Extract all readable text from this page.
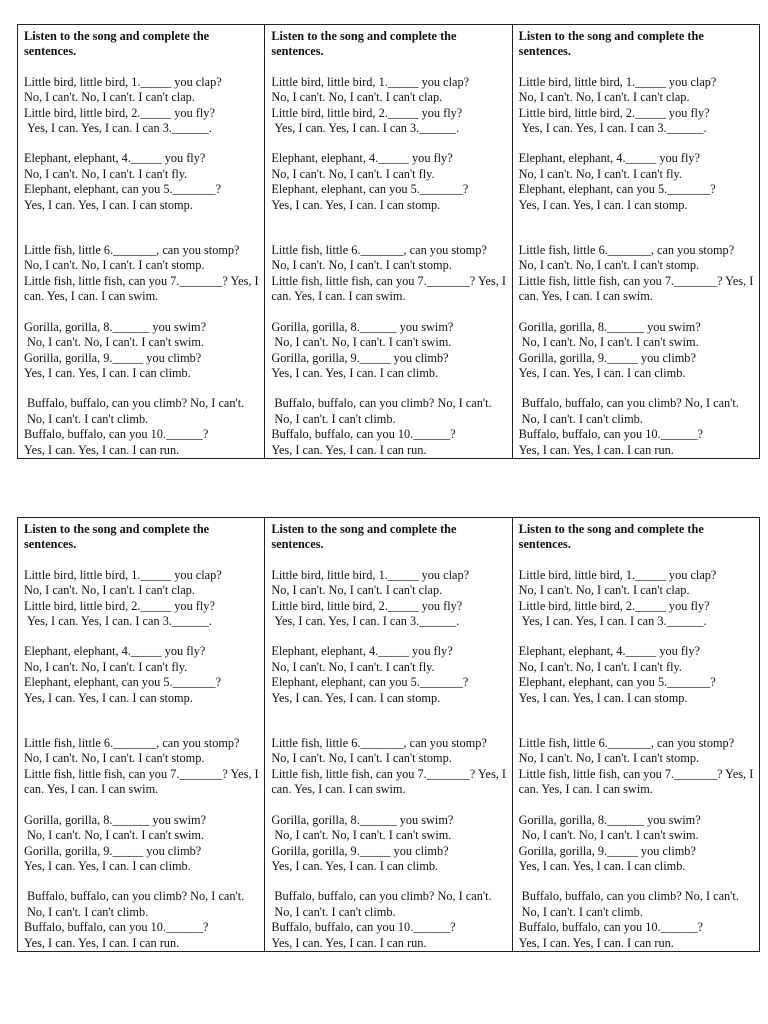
Listen to the song and complete the sentences.
Little bird, little bird, 1._____ you clap?
No, I can't. No, I can't. I can't clap.
Little bird, little bird, 2._____ you fly?
Yes, I can. Yes, I can. I can 3.______.
Elephant, elephant, 4._____ you fly?
No, I can't. No, I can't. I can't fly.
Elephant, elephant, can you 5._______?
Yes, I can. Yes, I can. I can stomp.
Little fish, little 6._______, can you stomp?
No, I can't. No, I can't. I can't stomp.
Little fish, little fish, can you 7._______? Yes, I can. Yes, I can. I can swim.
Gorilla, gorilla, 8.______ you swim?
No, I can't. No, I can't. I can't swim.
Gorilla, gorilla, 9._____ you climb?
Yes, I can. Yes, I can. I can climb.
Buffalo, buffalo, can you climb? No, I can't. No, I can't. I can't climb.
Buffalo, buffalo, can you 10.______?
Yes, I can. Yes, I can. I can run.

Listen to the song and complete the sentences.
Little bird, little bird, 1._____ you clap?
No, I can't. No, I can't. I can't clap.
Little bird, little bird, 2._____ you fly?
Yes, I can. Yes, I can. I can 3.______.
Elephant, elephant, 4._____ you fly?
No, I can't. No, I can't. I can't fly.
Elephant, elephant, can you 5._______?
Yes, I can. Yes, I can. I can stomp.
Little fish, little 6._______, can you stomp?
No, I can't. No, I can't. I can't stomp.
Little fish, little fish, can you 7._______? Yes, I can. Yes, I can. I can swim.
Gorilla, gorilla, 8.______ you swim?
No, I can't. No, I can't. I can't swim.
Gorilla, gorilla, 9._____ you climb?
Yes, I can. Yes, I can. I can climb.
Buffalo, buffalo, can you climb? No, I can't. No, I can't. I can't climb.
Buffalo, buffalo, can you 10.______?
Yes, I can. Yes, I can. I can run.

Listen to the song and complete the sentences.
Little bird, little bird, 1._____ you clap?
No, I can't. No, I can't. I can't clap.
Little bird, little bird, 2._____ you fly?
Yes, I can. Yes, I can. I can 3.______.
Elephant, elephant, 4._____ you fly?
No, I can't. No, I can't. I can't fly.
Elephant, elephant, can you 5._______?
Yes, I can. Yes, I can. I can stomp.
Little fish, little 6._______, can you stomp?
No, I can't. No, I can't. I can't stomp.
Little fish, little fish, can you 7._______? Yes, I can. Yes, I can. I can swim.
Gorilla, gorilla, 8.______ you swim?
No, I can't. No, I can't. I can't swim.
Gorilla, gorilla, 9._____ you climb?
Yes, I can. Yes, I can. I can climb.
Buffalo, buffalo, can you climb? No, I can't. No, I can't. I can't climb.
Buffalo, buffalo, can you 10.______?
Yes, I can. Yes, I can. I can run.
Listen to the song and complete the sentences.
Little bird, little bird, 1._____ you clap?
No, I can't. No, I can't. I can't clap.
Little bird, little bird, 2._____ you fly?
Yes, I can. Yes, I can. I can 3.______.
Elephant, elephant, 4._____ you fly?
No, I can't. No, I can't. I can't fly.
Elephant, elephant, can you 5._______?
Yes, I can. Yes, I can. I can stomp.
Little fish, little 6._______, can you stomp?
No, I can't. No, I can't. I can't stomp.
Little fish, little fish, can you 7._______? Yes, I can. Yes, I can. I can swim.
Gorilla, gorilla, 8.______ you swim?
No, I can't. No, I can't. I can't swim.
Gorilla, gorilla, 9._____ you climb?
Yes, I can. Yes, I can. I can climb.
Buffalo, buffalo, can you climb? No, I can't. No, I can't. I can't climb.
Buffalo, buffalo, can you 10.______?
Yes, I can. Yes, I can. I can run.

Listen to the song and complete the sentences.
Little bird, little bird, 1._____ you clap?
No, I can't. No, I can't. I can't clap.
Little bird, little bird, 2._____ you fly?
Yes, I can. Yes, I can. I can 3.______.
Elephant, elephant, 4._____ you fly?
No, I can't. No, I can't. I can't fly.
Elephant, elephant, can you 5._______?
Yes, I can. Yes, I can. I can stomp.
Little fish, little 6._______, can you stomp?
No, I can't. No, I can't. I can't stomp.
Little fish, little fish, can you 7._______? Yes, I can. Yes, I can. I can swim.
Gorilla, gorilla, 8.______ you swim?
No, I can't. No, I can't. I can't swim.
Gorilla, gorilla, 9._____ you climb?
Yes, I can. Yes, I can. I can climb.
Buffalo, buffalo, can you climb? No, I can't. No, I can't. I can't climb.
Buffalo, buffalo, can you 10.______?
Yes, I can. Yes, I can. I can run.

Listen to the song and complete the sentences.
Little bird, little bird, 1._____ you clap?
No, I can't. No, I can't. I can't clap.
Little bird, little bird, 2._____ you fly?
Yes, I can. Yes, I can. I can 3.______.
Elephant, elephant, 4._____ you fly?
No, I can't. No, I can't. I can't fly.
Elephant, elephant, can you 5._______?
Yes, I can. Yes, I can. I can stomp.
Little fish, little 6._______, can you stomp?
No, I can't. No, I can't. I can't stomp.
Little fish, little fish, can you 7._______? Yes, I can. Yes, I can. I can swim.
Gorilla, gorilla, 8.______ you swim?
No, I can't. No, I can't. I can't swim.
Gorilla, gorilla, 9._____ you climb?
Yes, I can. Yes, I can. I can climb.
Buffalo, buffalo, can you climb? No, I can't. No, I can't. I can't climb.
Buffalo, buffalo, can you 10.______?
Yes, I can. Yes, I can. I can run.
